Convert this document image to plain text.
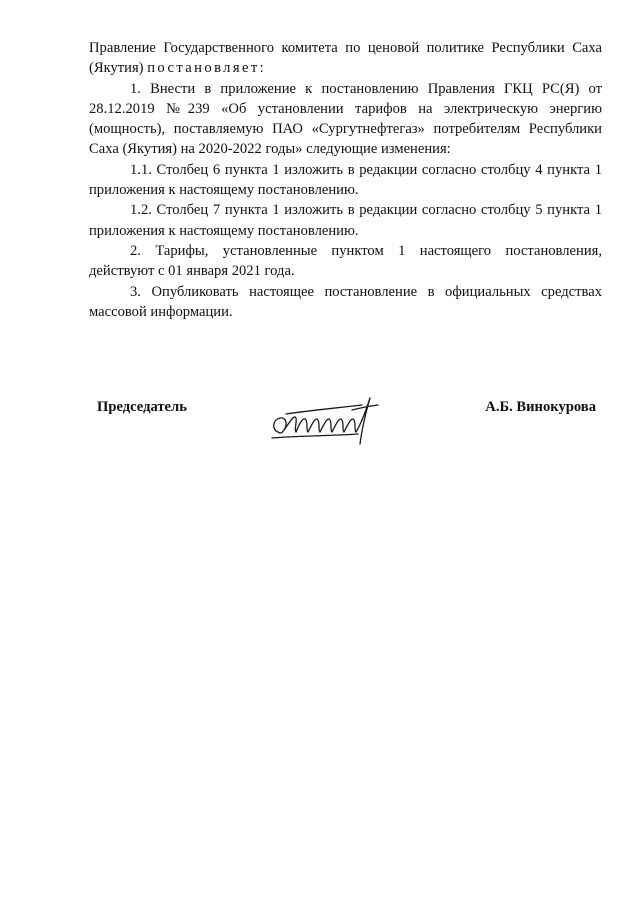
Правление Государственного комитета по ценовой политике Республики Саха (Якутия) постановляет:

1. Внести в приложение к постановлению Правления ГКЦ РС(Я) от 28.12.2019 №239 «Об установлении тарифов на электрическую энергию (мощность), поставляемую ПАО «Сургутнефтегаз» потребителям Республики Саха (Якутия) на 2020-2022 годы» следующие изменения:

1.1. Столбец 6 пункта 1 изложить в редакции согласно столбцу 4 пункта 1 приложения к настоящему постановлению.

1.2. Столбец 7 пункта 1 изложить в редакции согласно столбцу 5 пункта 1 приложения к настоящему постановлению.

2. Тарифы, установленные пунктом 1 настоящего постановления, действуют с 01 января 2021 года.

3. Опубликовать настоящее постановление в официальных средствах массовой информации.

Председатель	А.Б. Винокурова
